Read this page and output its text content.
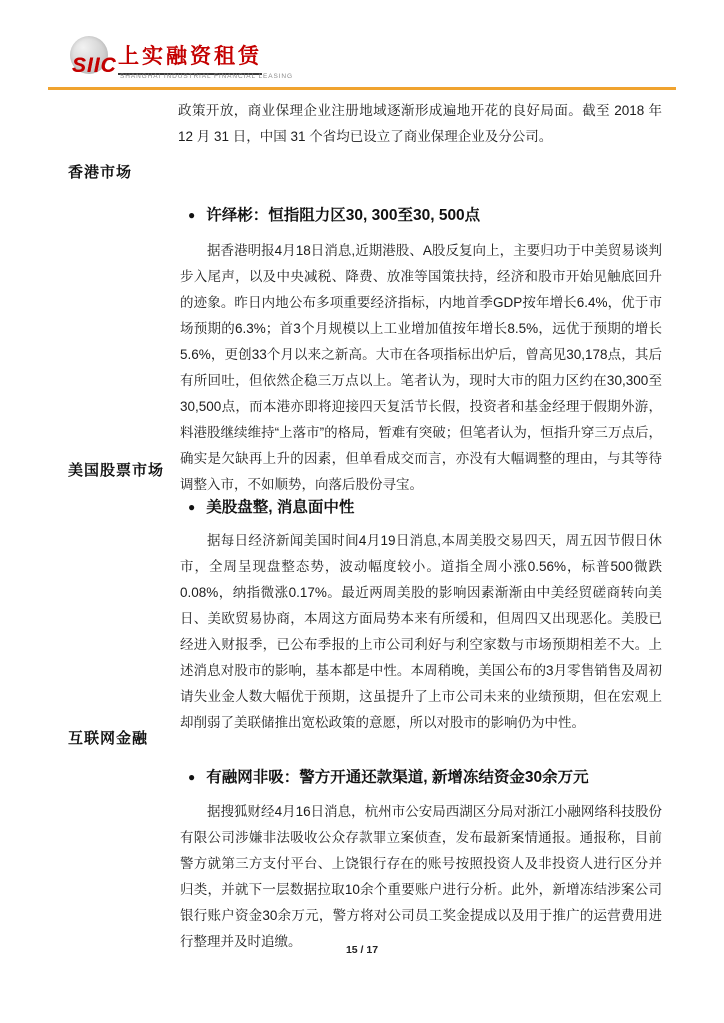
SIIC 上实融资租赁
SHANGHAI INDUSTRIAL FINANCIAL LEASING
政策开放，商业保理企业注册地域逐渐形成遍地开花的良好局面。截至 2018 年 12 月 31 日，中国 31 个省均已设立了商业保理企业及分公司。
香港市场
● 许绎彬：恒指阻力区30, 300至30, 500点
据香港明报4月18日消息,近期港股、A股反复向上，主要归功于中美贸易谈判步入尾声，以及中央减税、降费、放准等国策扶持，经济和股市开始见触底回升的迹象。昨日内地公布多项重要经济指标，内地首季GDP按年增长6.4%，优于市场预期的6.3%；首3个月规模以上工业增加值按年增长8.5%，远优于预期的增长5.6%，更创33个月以来之新高。大市在各项指标出炉后，曾高见30,178点，其后有所回吐，但依然企稳三万点以上。笔者认为，现时大市的阻力区约在30,300至30,500点，而本港亦即将迎接四天复活节长假，投资者和基金经理于假期外游，料港股继续维持“上落市”的格局，暂难有突破；但笔者认为，恒指升穿三万点后，确实是欠缺再上升的因素，但单看成交而言，亦没有大幅调整的理由，与其等待调整入市，不如顺势，向落后股份寻宝。
美国股票市场
● 美股盘整, 消息面中性
据每日经济新闻美国时间4月19日消息,本周美股交易四天，周五因节假日休市，全周呈现盘整态势，波动幅度较小。道指全周小涨0.56%，标普500微跌0.08%，纳指微涨0.17%。最近两周美股的影响因素渐渐由中美经贸磋商转向美日、美欧贸易协商，本周这方面局势本来有所缓和，但周四又出现恶化。美股已经进入财报季，已公布季报的上市公司利好与利空家数与市场预期相差不大。上述消息对股市的影响，基本都是中性。本周稍晚，美国公布的3月零售销售及周初请失业金人数大幅优于预期，这虽提升了上市公司未来的业绩预期，但在宏观上却削弱了美联储推出宽松政策的意愿，所以对股市的影响仍为中性。
互联网金融
● 有融网非吸：警方开通还款渠道, 新增冻结资金30余万元
据搜狐财经4月16日消息，杭州市公安局西湖区分局对浙江小融网络科技股份有限公司涉嫌非法吸收公众存款罪立案侦查，发布最新案情通报。通报称，目前警方就第三方支付平台、上饶银行存在的账号按照投资人及非投资人进行区分并归类，并就下一层数据拉取10余个重要账户进行分析。此外，新增冻结涉案公司银行账户资金30余万元，警方将对公司员工奖金提成以及用于推广的运营费用进行整理并及时追缴。
15 / 17
